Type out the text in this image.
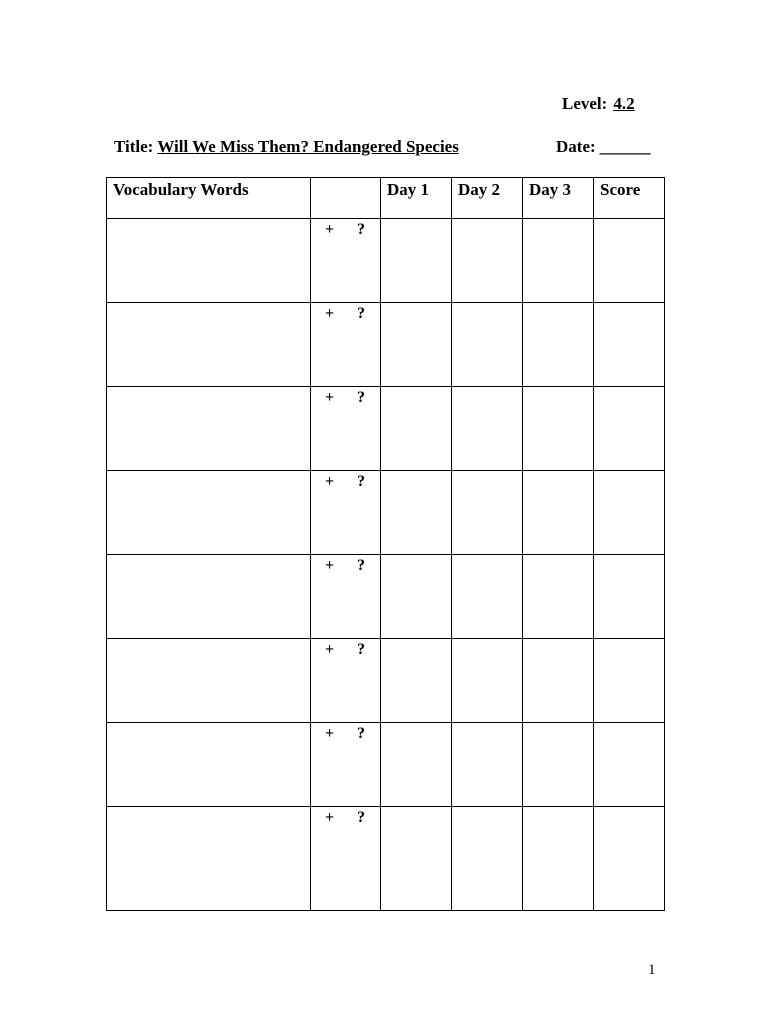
Level: 4.2
Title: Will We Miss Them? Endangered Species	Date: ______
Vocabulary Words		Day 1	Day 2	Day 3	Score

	+ ?				

	+ ?				

	+ ?				

	+ ?				

	+ ?				

	+ ?				

	+ ?				

	+ ?				

1
